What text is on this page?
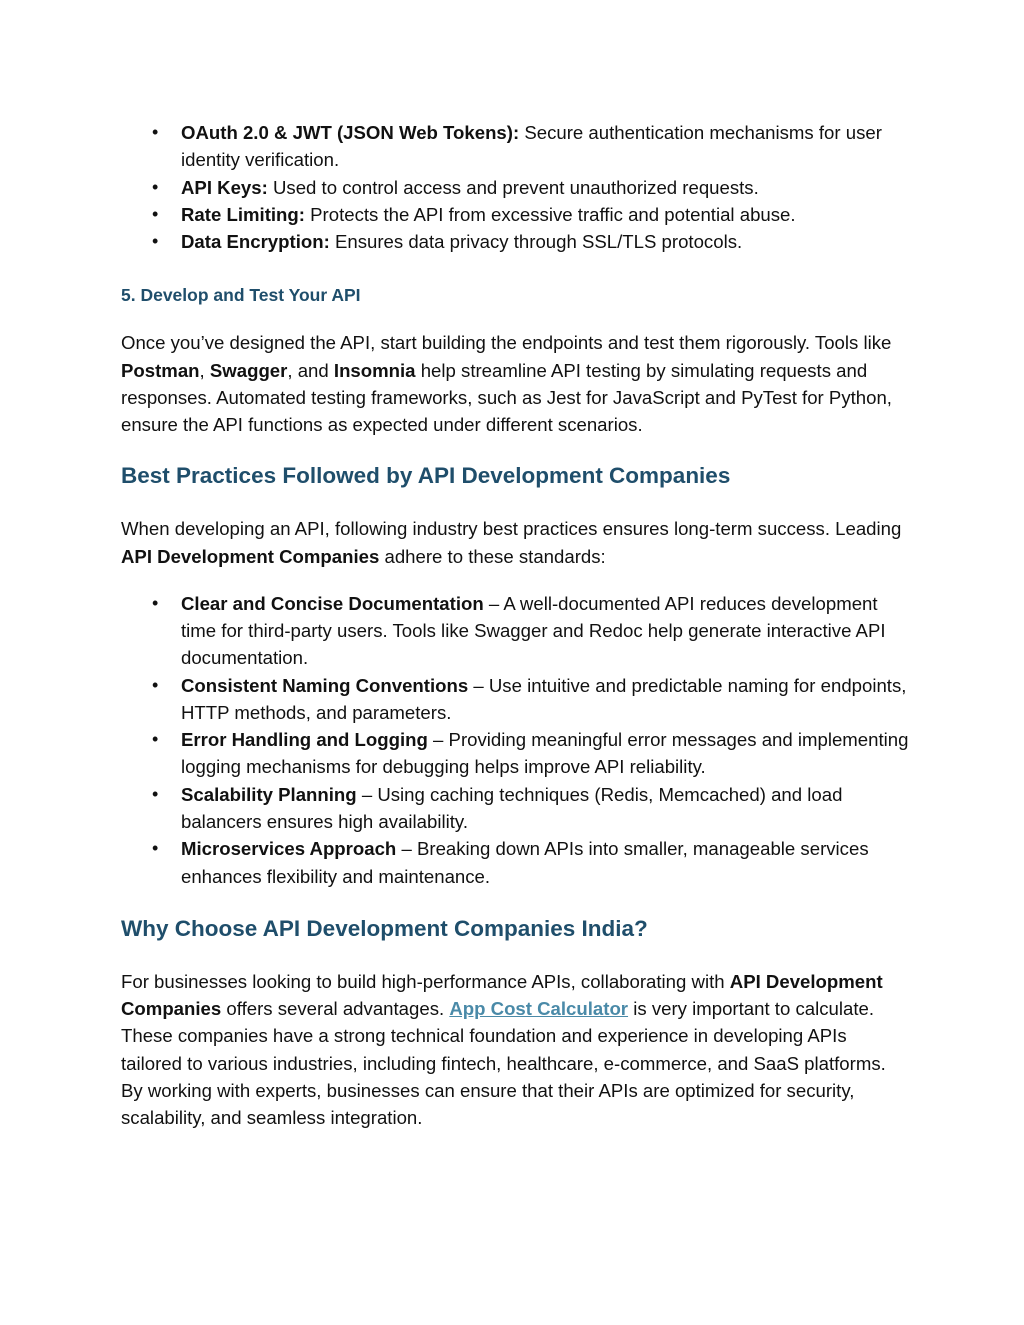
• OAuth 2.0 & JWT (JSON Web Tokens): Secure authentication mechanisms for user identity verification.
• API Keys: Used to control access and prevent unauthorized requests.
• Rate Limiting: Protects the API from excessive traffic and potential abuse.
• Data Encryption: Ensures data privacy through SSL/TLS protocols.
5. Develop and Test Your API

Once you’ve designed the API, start building the endpoints and test them rigorously. Tools like Postman, Swagger, and Insomnia help streamline API testing by simulating requests and responses. Automated testing frameworks, such as Jest for JavaScript and PyTest for Python, ensure the API functions as expected under different scenarios.

Best Practices Followed by API Development Companies

When developing an API, following industry best practices ensures long-term success. Leading API Development Companies adhere to these standards:

• Clear and Concise Documentation – A well-documented API reduces development time for third-party users. Tools like Swagger and Redoc help generate interactive API documentation.
• Consistent Naming Conventions – Use intuitive and predictable naming for endpoints, HTTP methods, and parameters.
• Error Handling and Logging – Providing meaningful error messages and implementing logging mechanisms for debugging helps improve API reliability.
• Scalability Planning – Using caching techniques (Redis, Memcached) and load balancers ensures high availability.
• Microservices Approach – Breaking down APIs into smaller, manageable services enhances flexibility and maintenance.
Why Choose API Development Companies India?

For businesses looking to build high-performance APIs, collaborating with API Development Companies offers several advantages. App Cost Calculator is very important to calculate. These companies have a strong technical foundation and experience in developing APIs tailored to various industries, including fintech, healthcare, e-commerce, and SaaS platforms. By working with experts, businesses can ensure that their APIs are optimized for security, scalability, and seamless integration.
